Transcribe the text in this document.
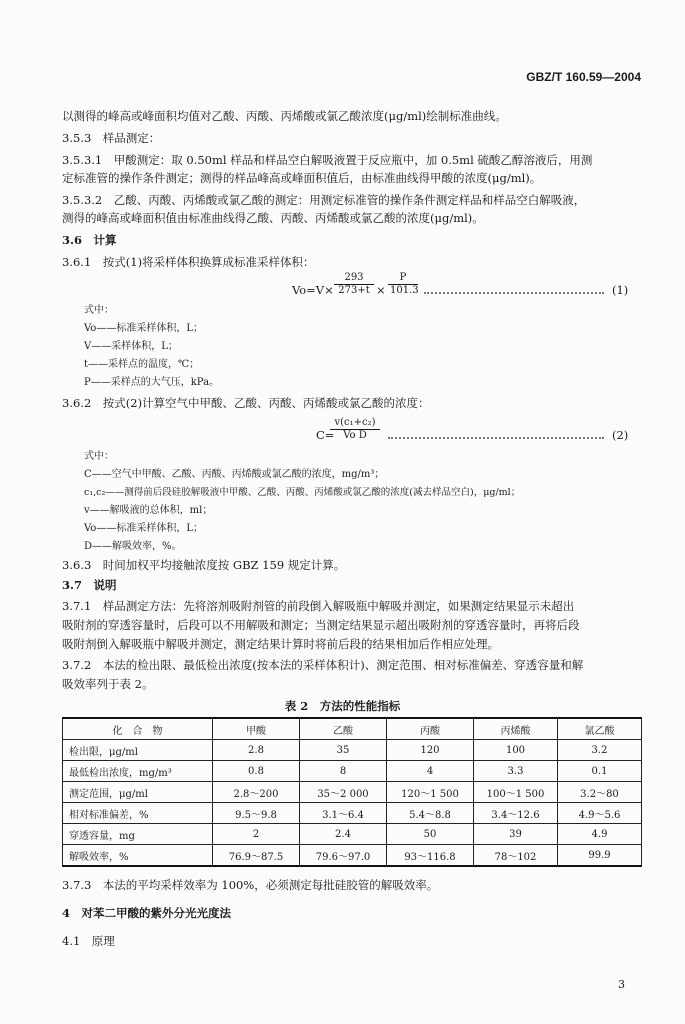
GBZ/T 160.59—2004
以测得的峰高或峰面积均值对乙酸、丙酸、丙烯酸或氯乙酸浓度(μg/ml)绘制标准曲线。
3.5.3　样品测定：
3.5.3.1　甲酸测定：取 0.50ml 样品和样品空白解吸液置于反应瓶中，加 0.5ml 硫酸乙醇溶液后，用测
定标准管的操作条件测定；测得的样品峰高或峰面积值后，由标准曲线得甲酸的浓度(μg/ml)。
3.5.3.2　乙酸、丙酸、丙烯酸或氯乙酸的测定：用测定标准管的操作条件测定样品和样品空白解吸液，
测得的峰高或峰面积值由标准曲线得乙酸、丙酸、丙烯酸或氯乙酸的浓度(μg/ml)。
3.6　计算
3.6.1　按式(1)将采样体积换算成标准采样体积：
$Vo=V\times \frac{293}{273+t} \times \frac{P}{101.3}$	(1)
式中：
Vo——标准采样体积，L；
V——采样体积，L；
t——采样点的温度，℃；
P——采样点的大气压，kPa。
3.6.2　按式(2)计算空气中甲酸、乙酸、丙酸、丙烯酸或氯乙酸的浓度：
C=
$\frac{\text{v(c₁+c₂)}}{\text{Vo D}}$	(2)
式中：
C——空气中甲酸、乙酸、丙酸、丙烯酸或氯乙酸的浓度，mg/m³；
c₁,c₂——测得前后段硅胶解吸液中甲酸、乙酸、丙酸、丙烯酸或氯乙酸的浓度(减去样品空白)，μg/ml；
v——解吸液的总体积，ml；
Vo——标准采样体积，L；
D——解吸效率，%。
3.6.3　时间加权平均接触浓度按 GBZ 159 规定计算。
3.7　说明
3.7.1　样品测定方法：先将溶剂吸附剂管的前段倒入解吸瓶中解吸并测定，如果测定结果显示未超出
吸附剂的穿透容量时，后段可以不用解吸和测定；当测定结果显示超出吸附剂的穿透容量时，再将后段
吸附剂倒入解吸瓶中解吸并测定，测定结果计算时将前后段的结果相加后作相应处理。
3.7.2　本法的检出限、最低检出浓度(按本法的采样体积计)、测定范围、相对标准偏差、穿透容量和解
吸效率列于表 2。
表 2　方法的性能指标
化　合　物	甲酸	乙酸	丙酸	丙烯酸	氯乙酸
检出限，μg/ml	2.8	35	120	100	3.2
最低检出浓度，mg/m³	0.8	8	4	3.3	0.1
测定范围，μg/ml	2.8～200	35～2 000	120～1 500	100～1 500	3.2～80
相对标准偏差，%	9.5～9.8	3.1～6.4	5.4～8.8	3.4～12.6	4.9～5.6
穿透容量，mg	2	2.4	50	39	4.9
解吸效率，%	76.9～87.5	79.6～97.0	93～116.8	78～102	99.9
3.7.3　本法的平均采样效率为 100%，必须测定每批硅胶管的解吸效率。
4　对苯二甲酸的紫外分光光度法
4.1　原理
3
